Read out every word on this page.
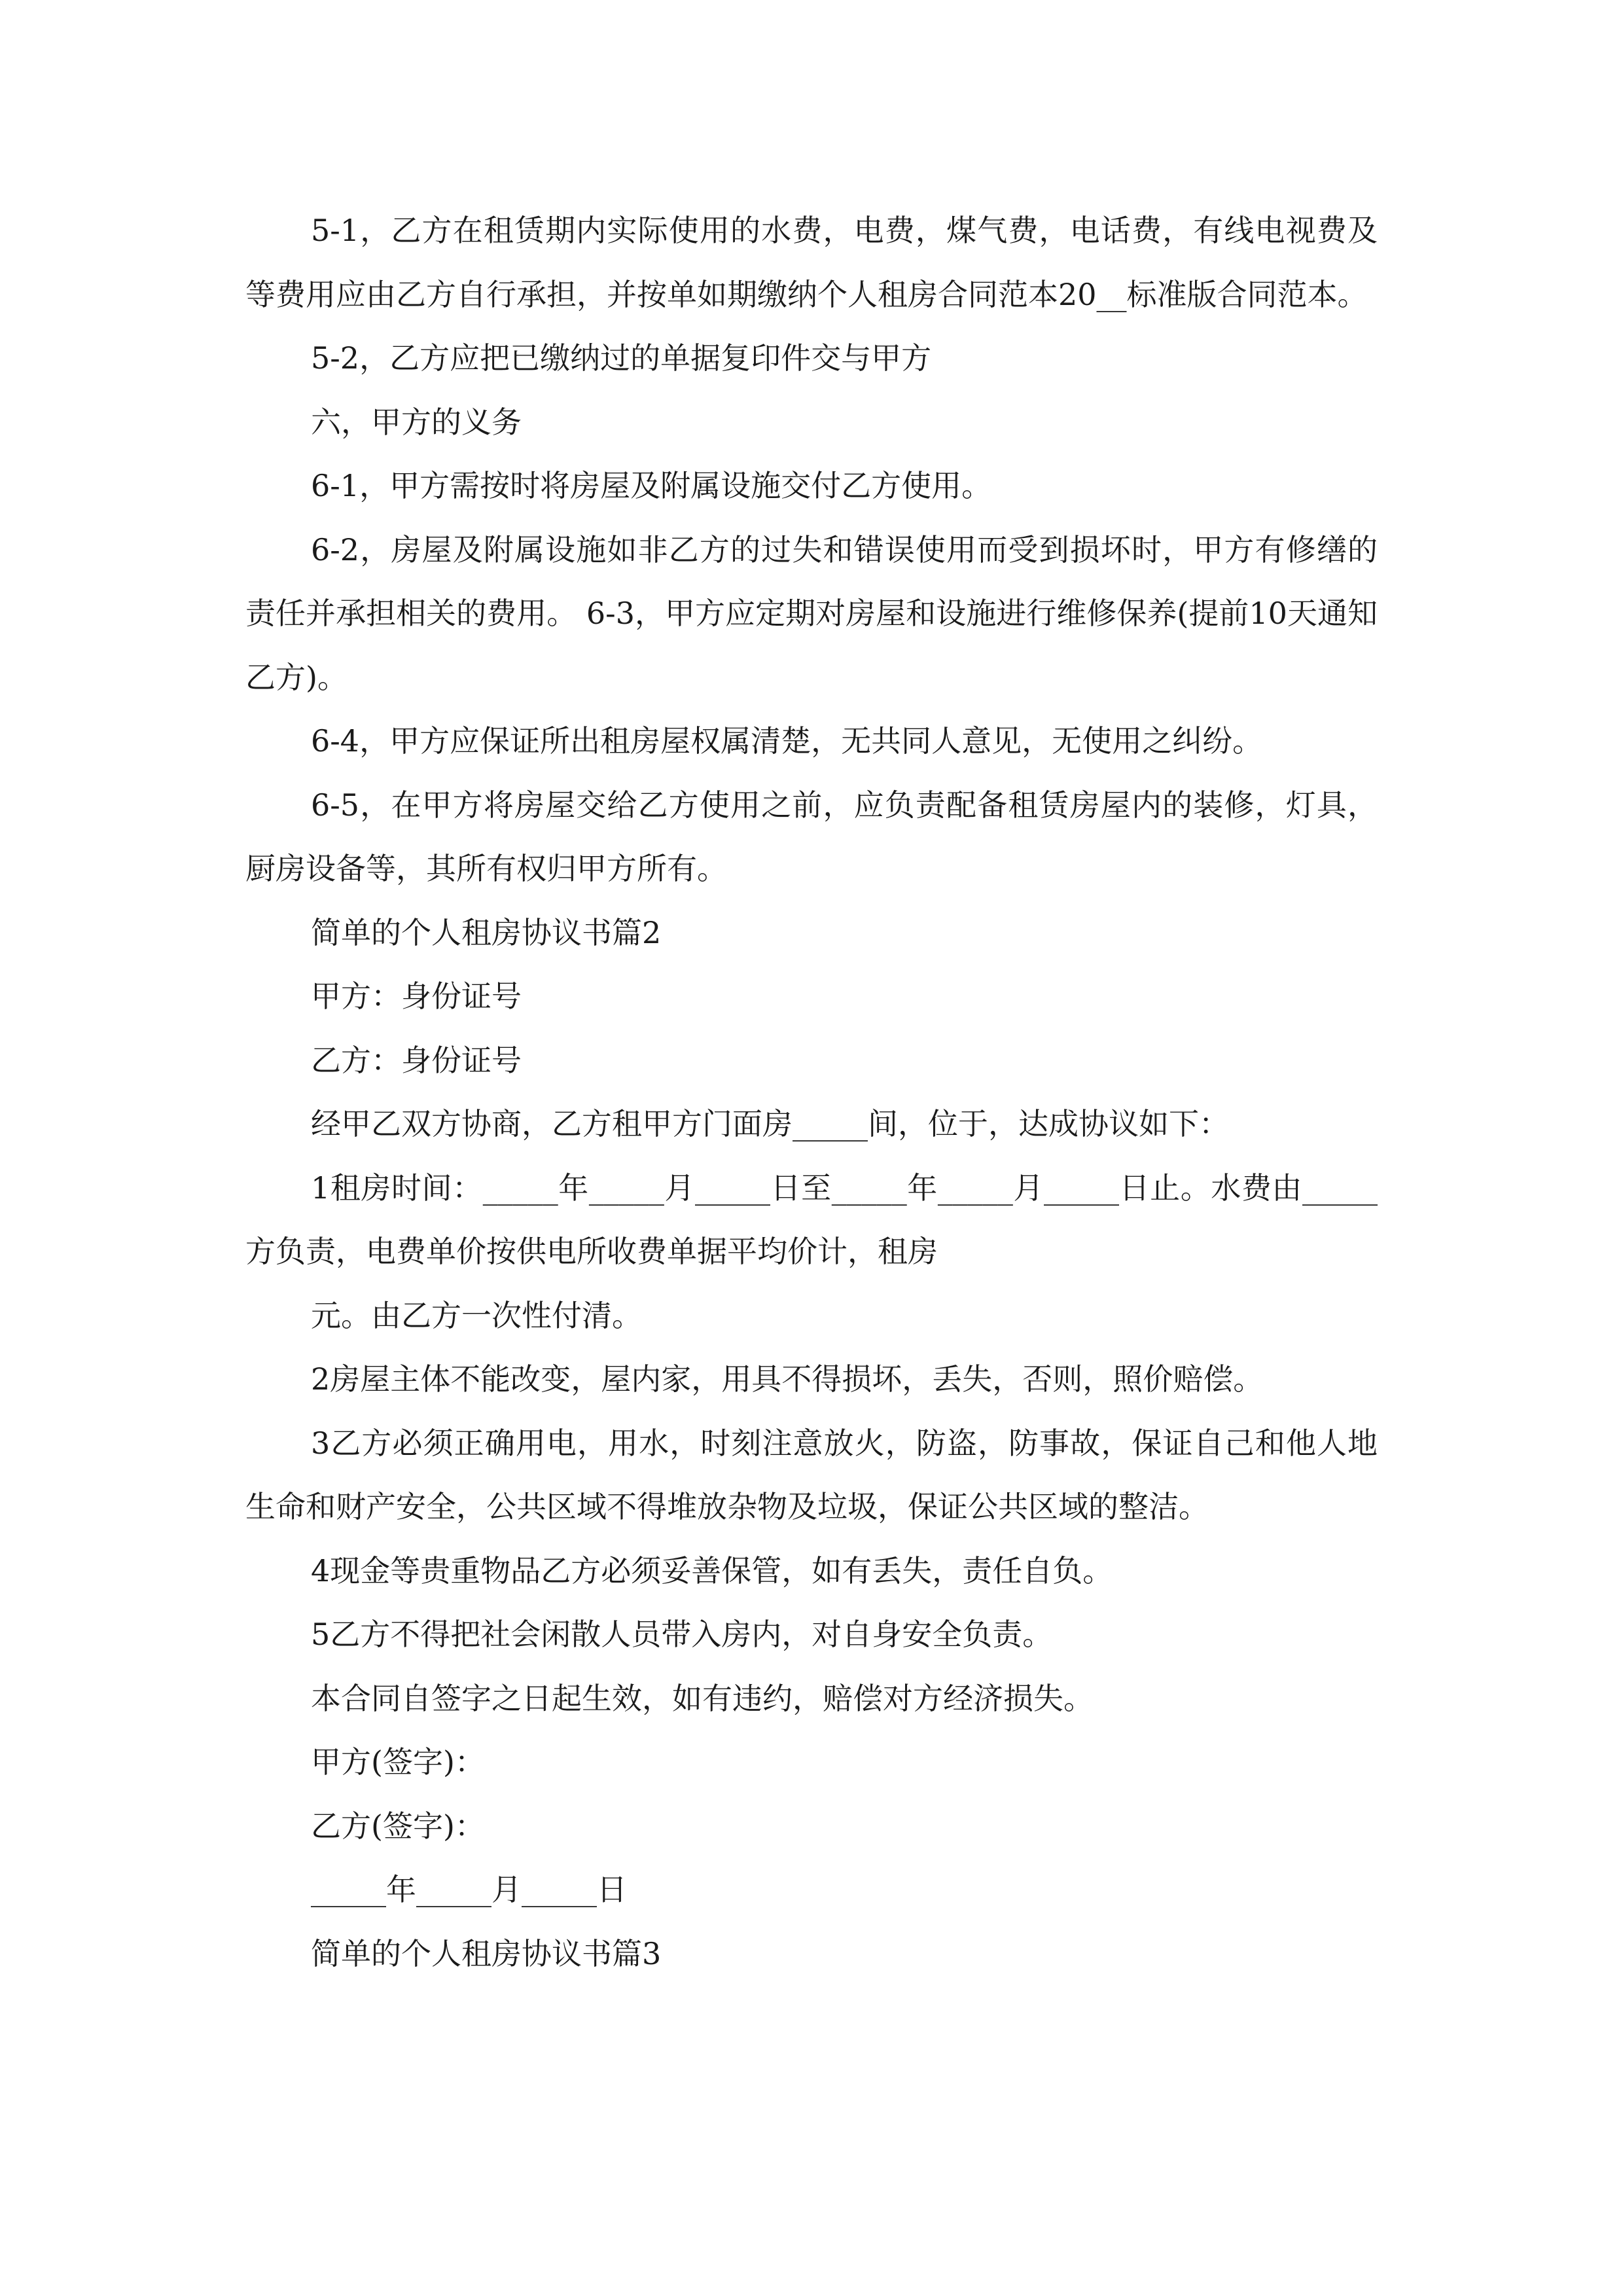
5-1，乙方在租赁期内实际使用的水费，电费，煤气费，电话费，有线电视费及 等费用应由乙方自行承担，并按单如期缴纳个人租房合同范本20__标准版合同范本。

5-2，乙方应把已缴纳过的单据复印件交与甲方

六，甲方的义务

6-1，甲方需按时将房屋及附属设施交付乙方使用。

6-2，房屋及附属设施如非乙方的过失和错误使用而受到损坏时，甲方有修缮的责任并承担相关的费用。 6-3，甲方应定期对房屋和设施进行维修保养(提前10天通知乙方)。

6-4，甲方应保证所出租房屋权属清楚，无共同人意见，无使用之纠纷。

6-5，在甲方将房屋交给乙方使用之前，应负责配备租赁房屋内的装修，灯具，厨房设备等，其所有权归甲方所有。

简单的个人租房协议书篇2

甲方：身份证号

乙方：身份证号

经甲乙双方协商，乙方租甲方门面房_____间，位于，达成协议如下：

1租房时间：_____年_____月_____日至_____年_____月_____日止。水费由_____方负责，电费单价按供电所收费单据平均价计，租房

元。由乙方一次性付清。

2房屋主体不能改变，屋内家，用具不得损坏，丢失，否则，照价赔偿。

3乙方必须正确用电，用水，时刻注意放火，防盗，防事故，保证自己和他人地生命和财产安全，公共区域不得堆放杂物及垃圾，保证公共区域的整洁。

4现金等贵重物品乙方必须妥善保管，如有丢失，责任自负。

5乙方不得把社会闲散人员带入房内，对自身安全负责。

本合同自签字之日起生效，如有违约，赔偿对方经济损失。

甲方(签字)：

乙方(签字)：

_____年_____月_____日

简单的个人租房协议书篇3
